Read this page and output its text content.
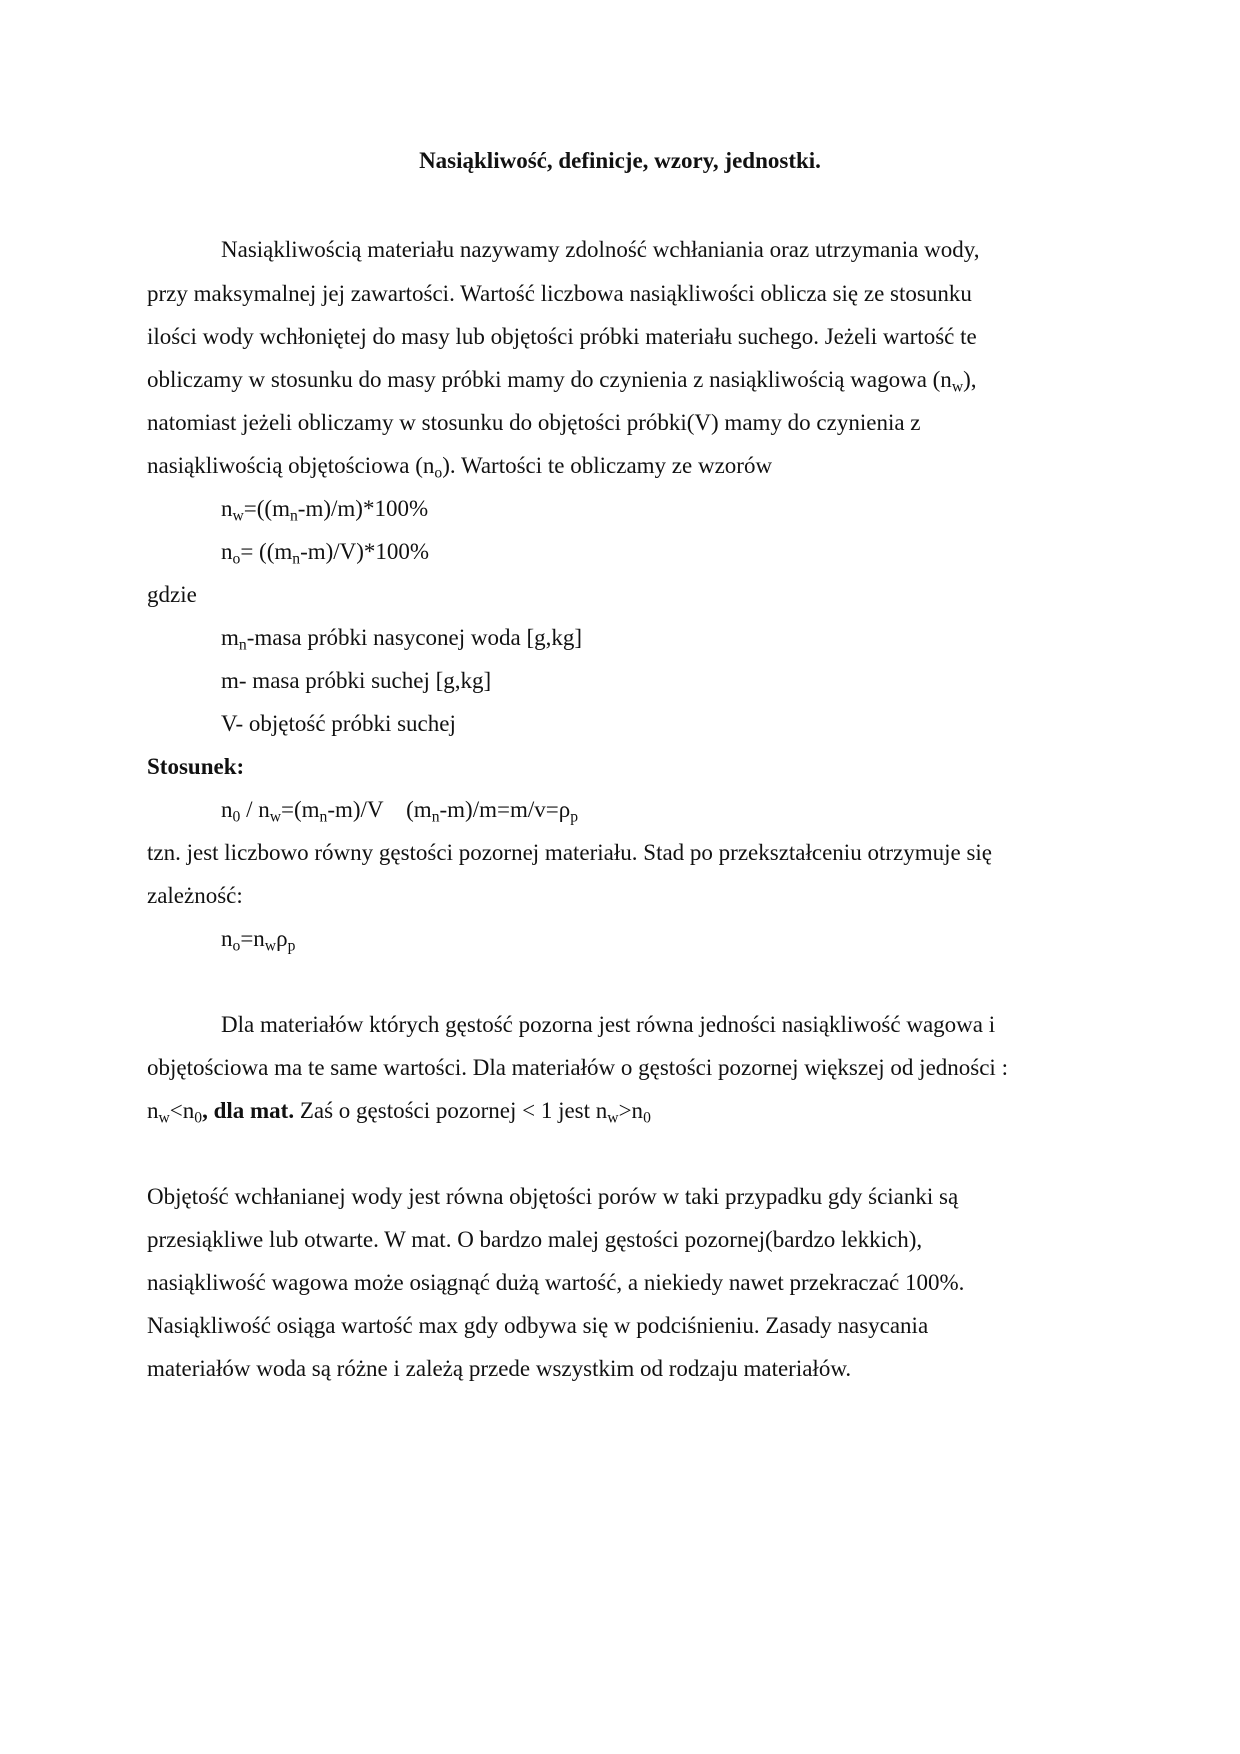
Nasiąkliwość, definicje, wzory, jednostki.
Nasiąkliwością materiału nazywamy zdolność wchłaniania oraz utrzymania wody,
przy maksymalnej jej zawartości. Wartość liczbowa nasiąkliwości oblicza się ze stosunku
ilości wody wchłoniętej do masy lub objętości próbki materiału suchego. Jeżeli wartość te
obliczamy w stosunku do masy próbki mamy do czynienia z nasiąkliwością wagowa $(n_w)$,
natomiast jeżeli obliczamy w stosunku do objętości próbki(V) mamy do czynienia z
nasiąkliwością objętościowa $(n_o)$. Wartości te obliczamy ze wzorów
$n_w=((m_n-m)/m)*100\%$
$n_o= ((m_n-m)/V)*100\%$
gdzie
$m_n$-masa próbki nasyconej woda [g,kg]
m- masa próbki suchej [g,kg]
V- objętość próbki suchej
Stosunek:
$n_0 / n_w=(m_n-m)/V$    $(m_n-m)/m=m/v=\rho_p$
tzn. jest liczbowo równy gęstości pozornej materiału. Stad po przekształceniu otrzymuje się
zależność:
$n_o=n_w\rho_p$
Dla materiałów których gęstość pozorna jest równa jedności nasiąkliwość wagowa i
objętościowa ma te same wartości. Dla materiałów o gęstości pozornej większej od jedności :
$n_w<n_0$, dla mat. Zaś o gęstości pozornej < 1 jest $n_w>n_0$
Objętość wchłanianej wody jest równa objętości porów w taki przypadku gdy ścianki są
przesiąkliwe lub otwarte. W mat. O bardzo malej gęstości pozornej(bardzo lekkich),
nasiąkliwość wagowa może osiągnąć dużą wartość, a niekiedy nawet przekraczać 100%.
Nasiąkliwość osiąga wartość max gdy odbywa się w podciśnieniu. Zasady nasycania
materiałów woda są różne i zależą przede wszystkim od rodzaju materiałów.
